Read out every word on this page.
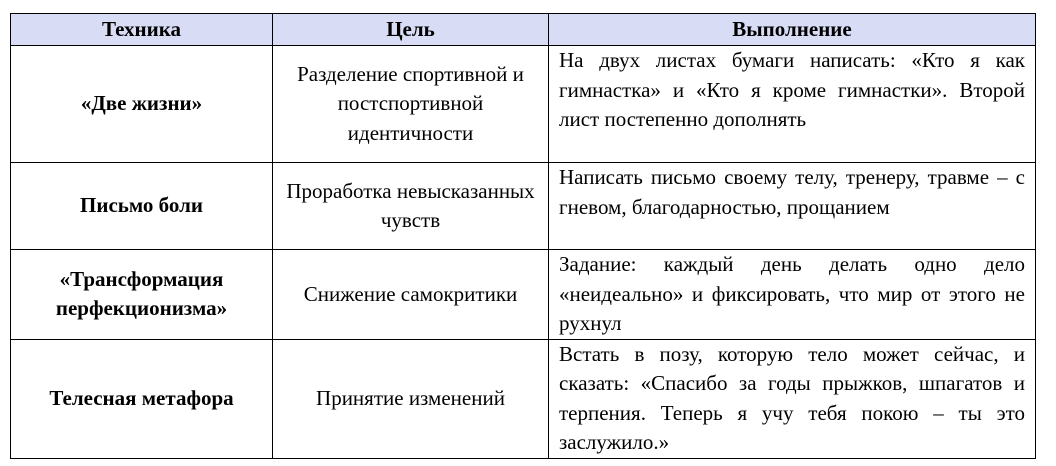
Техника	Цель	Выполнение
«Две жизни»	Разделение спортивной и постспортивной идентичности	На двух листах бумаги написать: «Кто я как гимнастка» и «Кто я кроме гимнастки». Второй лист постепенно дополнять
Письмо боли	Проработка невысказанных чувств	Написать письмо своему телу, тренеру, травме – с гневом, благодарностью, прощанием
«Трансформация перфекционизма»	Снижение самокритики	Задание: каждый день делать одно дело «неидеально» и фиксировать, что мир от этого не рухнул
Телесная метафора	Принятие изменений	Встать в позу, которую тело может сейчас, и сказать: «Спасибо за годы прыжков, шпагатов и терпения. Теперь я учу тебя покою – ты это заслужило.»
